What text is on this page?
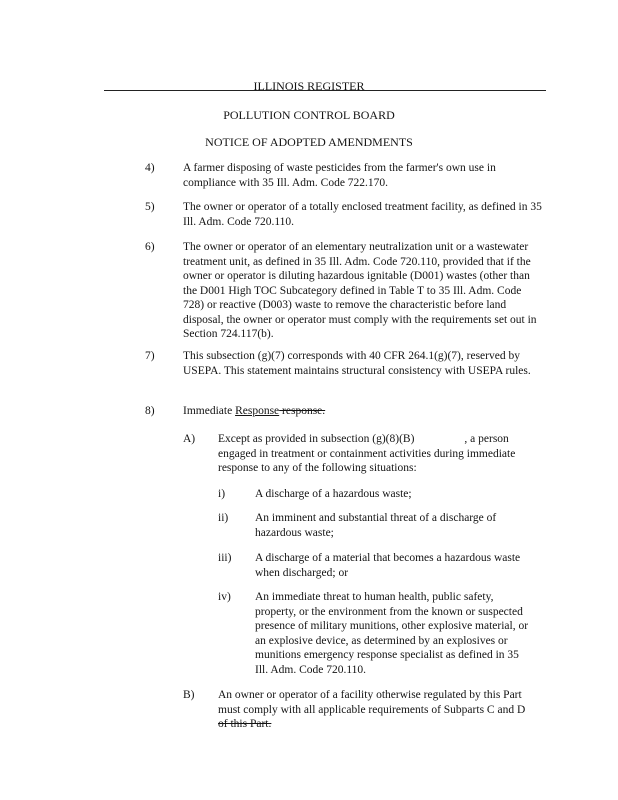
ILLINOIS REGISTER
POLLUTION CONTROL BOARD
NOTICE OF ADOPTED AMENDMENTS
4) A farmer disposing of waste pesticides from the farmer's own use in compliance with 35 Ill. Adm. Code 722.170.
5) The owner or operator of a totally enclosed treatment facility, as defined in 35 Ill. Adm. Code 720.110.
6) The owner or operator of an elementary neutralization unit or a wastewater treatment unit, as defined in 35 Ill. Adm. Code 720.110, provided that if the owner or operator is diluting hazardous ignitable (D001) wastes (other than the D001 High TOC Subcategory defined in Table T to 35 Ill. Adm. Code 728) or reactive (D003) waste to remove the characteristic before land disposal, the owner or operator must comply with the requirements set out in Section 724.117(b).
7) This subsection (g)(7) corresponds with 40 CFR 264.1(g)(7), reserved by USEPA. This statement maintains structural consistency with USEPA rules.
8) Immediate Response response.
A) Except as provided in subsection (g)(8)(B)	, a person
engaged in treatment or containment activities during immediate
response to any of the following situations:
i)	A discharge of a hazardous waste;
ii) An imminent and substantial threat of a discharge of
hazardous waste;
iii) A discharge of a material that becomes a hazardous waste
when discharged; or
iv) An immediate threat to human health, public safety,
property, or the environment from the known or suspected
presence of military munitions, other explosive material, or
an explosive device, as determined by an explosives or
munitions emergency response specialist as defined in 35
Ill. Adm. Code 720.110.
B) An owner or operator of a facility otherwise regulated by this Part
must comply with all applicable requirements of Subparts C and D
of this Part.
